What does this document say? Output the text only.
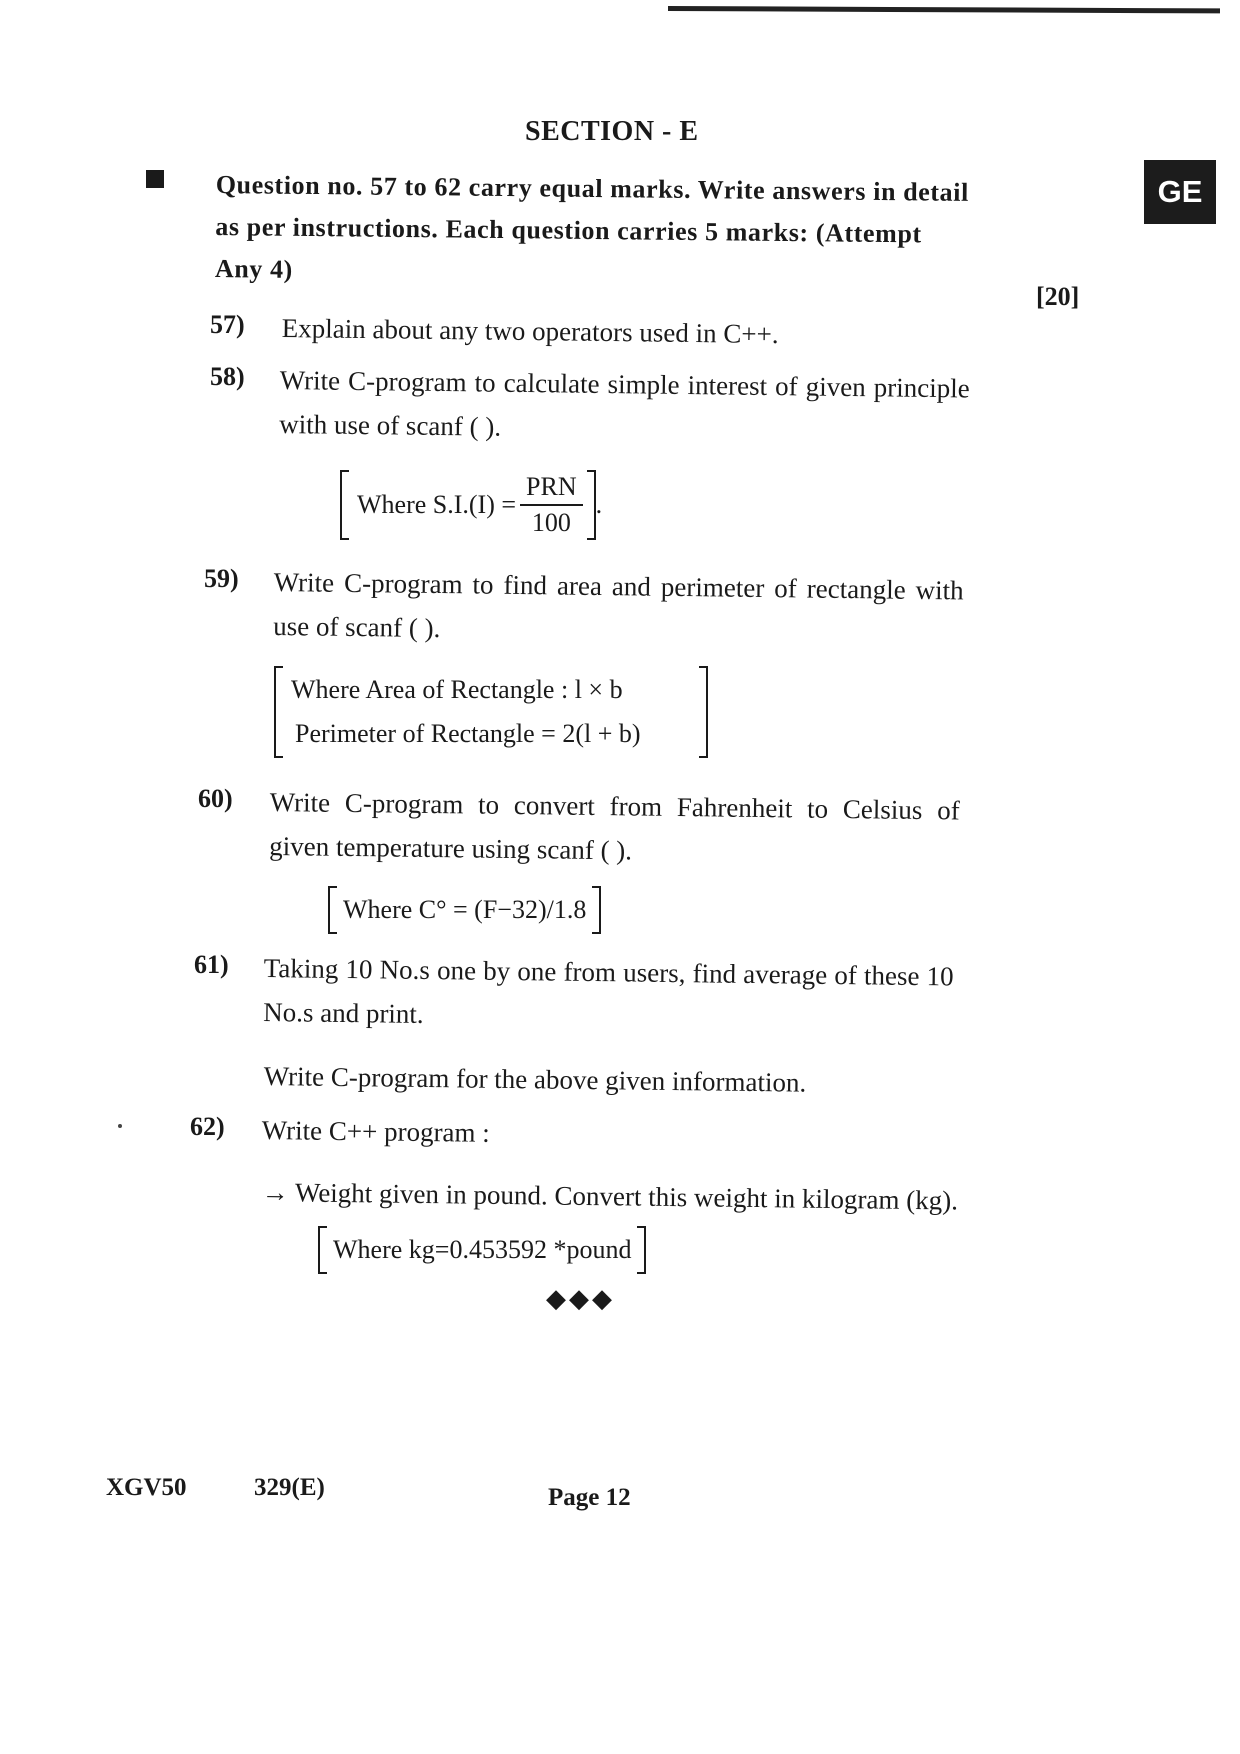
SECTION - E
GE
Question no. 57 to 62 carry equal marks. Write answers in detail as per instructions. Each question carries 5 marks: (Attempt Any 4)
[20]
57) Explain about any two operators used in C++.
58) Write C-program to calculate simple interest of given principle with use of scanf ( ).
Where $S.I.(I) = \frac{\text{PRN}}{100}$ .
59) Write C-program to find area and perimeter of rectangle with use of scanf ( ).
Where Area of Rectangle : l × b
Perimeter of Rectangle = 2(l + b)
60) Write C-program to convert from Fahrenheit to Celsius of given temperature using scanf ( ).
Where C° = (F−32)/1.8
61) Taking 10 No.s one by one from users, find average of these 10 No.s and print.
Write C-program for the above given information.
62) Write C++ program :
→ Weight given in pound. Convert this weight in kilogram (kg).
Where kg=0.453592 *pound
◆◆◆
XGV50	329(E)	Page 12
